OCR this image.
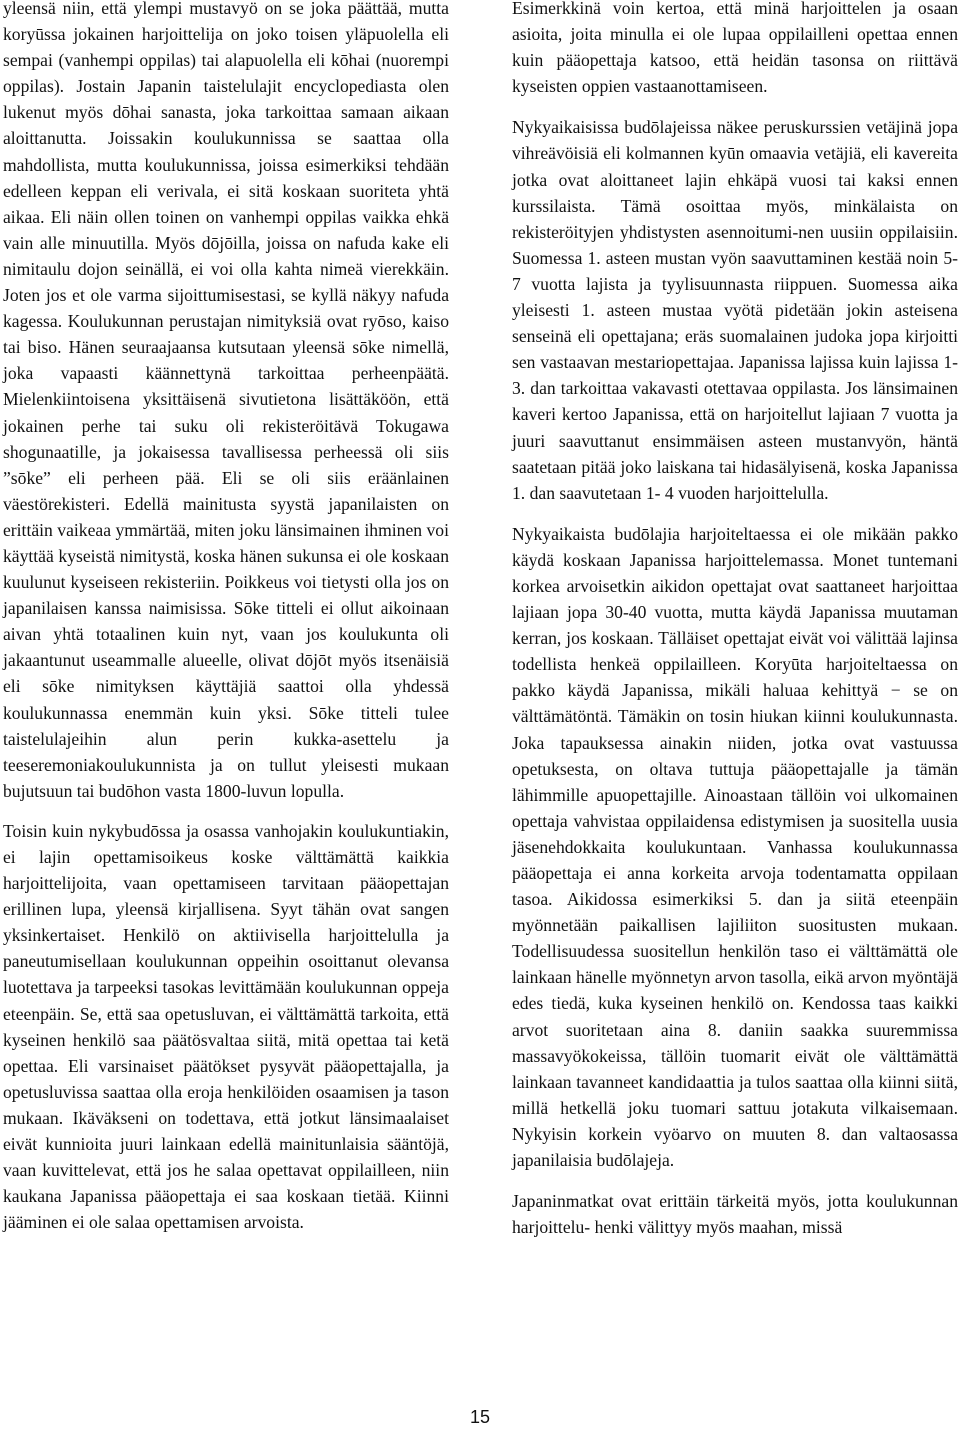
yleensä niin, että ylempi mustavyö on se joka päättää, mutta koryūssa jokainen harjoittelija on joko toisen yläpuolella eli sempai (vanhempi oppilas) tai alapuolella eli kōhai (nuorempi oppilas). Jostain Japanin taistelulajit encyclopediasta olen lukenut myös dōhai sanasta, joka tarkoittaa samaan aikaan aloittanutta. Joissakin koulukunnissa se saattaa olla mahdollista, mutta koulukunnissa, joissa esimerkiksi tehdään edelleen keppan eli verivala, ei sitä koskaan suoriteta yhtä aikaa. Eli näin ollen toinen on vanhempi oppilas vaikka ehkä vain alle minuutilla. Myös dōjōilla, joissa on nafuda kake eli nimitaulu dojon seinällä, ei voi olla kahta nimeä vierekkäin. Joten jos et ole varma sijoittumisestasi, se kyllä näkyy nafuda kagessa. Koulukunnan perustajan nimityksiä ovat ryōso, kaiso tai biso. Hänen seuraajaansa kutsutaan yleensä sōke nimellä, joka vapaasti käännettynä tarkoittaa perheenpäätä. Mielenkiintoisena yksittäisenä sivutietona lisättäköön, että jokainen perhe tai suku oli rekisteröitävä Tokugawa shogunaatille, ja jokaisessa tavallisessa perheessä oli siis ”sōke” eli perheen pää. Eli se oli siis eräänlainen väestörekisteri. Edellä mainitusta syystä japanilaisten on erittäin vaikeaa ymmärtää, miten joku länsimainen ihminen voi käyttää kyseistä nimitystä, koska hänen sukunsa ei ole koskaan kuulunut kyseiseen rekisteriin. Poikkeus voi tietysti olla jos on japanilaisen kanssa naimisissa. Sōke titteli ei ollut aikoinaan aivan yhtä totaalinen kuin nyt, vaan jos koulukunta oli jakaantunut useammalle alueelle, olivat dōjōt myös itsenäisiä eli sōke nimityksen käyttäjiä saattoi olla yhdessä koulukunnassa enemmän kuin yksi. Sōke titteli tulee taistelulajeihin alun perin kukka-asettelu ja teeseremoniakoulukunnista ja on tullut yleisesti mukaan bujutsuun tai budōhon vasta 1800-luvun lopulla.

Toisin kuin nykybudōssa ja osassa vanhojakin koulukuntiakin, ei lajin opettamisoikeus koske välttämättä kaikkia harjoittelijoita, vaan opettamiseen tarvitaan pääopettajan erillinen lupa, yleensä kirjallisena. Syyt tähän ovat sangen yksinkertaiset. Henkilö on aktiivisella harjoittelulla ja paneutumisellaan koulukunnan oppeihin osoittanut olevansa luotettava ja tarpeeksi tasokas levittämään koulukunnan oppeja eteenpäin. Se, että saa opetusluvan, ei välttämättä tarkoita, että kyseinen henkilö saa päätösvaltaa siitä, mitä opettaa tai ketä opettaa. Eli varsinaiset päätökset pysyvät pääopettajalla, ja opetusluvissa saattaa olla eroja henkilöiden osaamisen ja tason mukaan. Ikäväkseni on todettava, että jotkut länsimaalaiset eivät kunnioita juuri lainkaan edellä mainitunlaisia sääntöjä, vaan kuvittelevat, että jos he salaa opettavat oppilailleen, niin kaukana Japanissa pääopettaja ei saa koskaan tietää. Kiinni jääminen ei ole salaa opettamisen arvoista.

Esimerkkinä voin kertoa, että minä harjoittelen ja osaan asioita, joita minulla ei ole lupaa oppilailleni opettaa ennen kuin pääopettaja katsoo, että heidän tasonsa on riittävä kyseisten oppien vastaanottamiseen.

Nykyaikaisissa budōlajeissa näkee peruskurssien vetäjinä jopa vihreävöisiä eli kolmannen kyūn omaavia vetäjiä, eli kavereita jotka ovat aloittaneet lajin ehkäpä vuosi tai kaksi ennen kurssilaista. Tämä osoittaa myös, minkälaista on rekisteröityjen yhdistysten asennoitumi-nen uusiin oppilaisiin. Suomessa 1. asteen mustan vyön saavuttaminen kestää noin 5-7 vuotta lajista ja tyylisuunnasta riippuen. Suomessa aika yleisesti 1. asteen mustaa vyötä pidetään jokin asteisena senseinä eli opettajana; eräs suomalainen judoka jopa kirjoitti sen vastaavan mestariopettajaa. Japanissa lajissa kuin lajissa 1-3. dan tarkoittaa vakavasti otettavaa oppilasta. Jos länsimainen kaveri kertoo Japanissa, että on harjoitellut lajiaan 7 vuotta ja juuri saavuttanut ensimmäisen asteen mustanvyön, häntä saatetaan pitää joko laiskana tai hidasälyisenä, koska Japanissa 1. dan saavutetaan 1- 4 vuoden harjoittelulla.

Nykyaikaista budōlajia harjoiteltaessa ei ole mikään pakko käydä koskaan Japanissa harjoittelemassa. Monet tuntemani korkea arvoisetkin aikidon opettajat ovat saattaneet harjoittaa lajiaan jopa 30-40 vuotta, mutta käydä Japanissa muutaman kerran, jos koskaan. Tälläiset opettajat eivät voi välittää lajinsa todellista henkeä oppilailleen. Koryūta harjoiteltaessa on pakko käydä Japanissa, mikäli haluaa kehittyä − se on välttämätöntä. Tämäkin on tosin hiukan kiinni koulukunnasta. Joka tapauksessa ainakin niiden, jotka ovat vastuussa opetuksesta, on oltava tuttuja pääopettajalle ja tämän lähimmille apuopettajille. Ainoastaan tällöin voi ulkomainen opettaja vahvistaa oppilaidensa edistymisen ja suositella uusia jäsenehdokkaita koulukuntaan. Vanhassa koulukunnassa pääopettaja ei anna korkeita arvoja todentamatta oppilaan tasoa. Aikidossa esimerkiksi 5. dan ja siitä eteenpäin myönnetään paikallisen lajiliiton suositusten mukaan. Todellisuudessa suositellun henkilön taso ei välttämättä ole lainkaan hänelle myönnetyn arvon tasolla, eikä arvon myöntäjä edes tiedä, kuka kyseinen henkilö on. Kendossa taas kaikki arvot suoritetaan aina 8. daniin saakka suuremmissa massavyökokeissa, tällöin tuomarit eivät ole välttämättä lainkaan tavanneet kandidaattia ja tulos saattaa olla kiinni siitä, millä hetkellä joku tuomari sattuu jotakuta vilkaisemaan. Nykyisin korkein vyöarvo on muuten 8. dan valtaosassa japanilaisia budōlajeja.

Japaninmatkat ovat erittäin tärkeitä myös, jotta koulukunnan harjoittelu- henki välittyy myös maahan, missä

15
